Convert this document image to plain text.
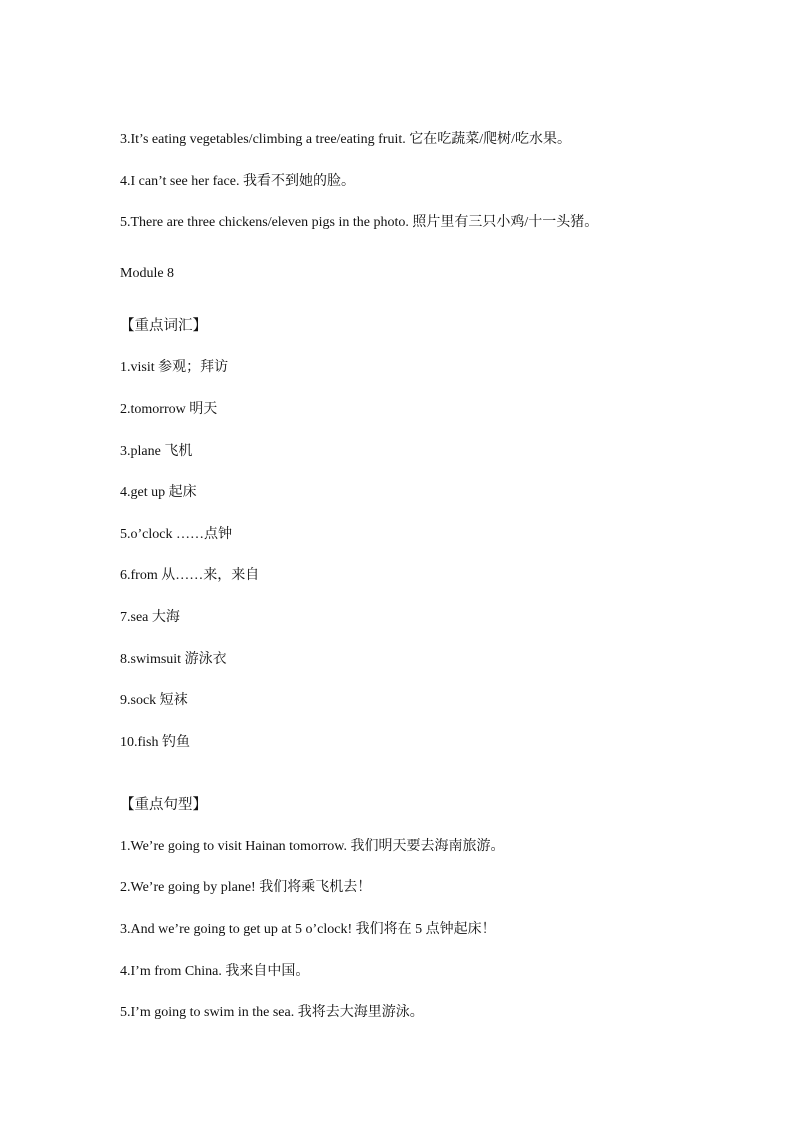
3.It’s eating vegetables/climbing a tree/eating fruit. 它在吃蔬菜/爬树/吃水果。
4.I can’t see her face. 我看不到她的脸。
5.There are three chickens/eleven pigs in the photo. 照片里有三只小鸡/十一头猪。
Module 8
【重点词汇】
1.visit 参观；拜访
2.tomorrow 明天
3.plane 飞机
4.get up 起床
5.o’clock ……点钟
6.from 从……来，来自
7.sea 大海
8.swimsuit 游泳衣
9.sock 短袜
10.fish 钓鱼
【重点句型】
1.We’re going to visit Hainan tomorrow. 我们明天要去海南旅游。
2.We’re going by plane! 我们将乘飞机去！
3.And we’re going to get up at 5 o’clock! 我们将在 5 点钟起床！
4.I’m from China. 我来自中国。
5.I’m going to swim in the sea. 我将去大海里游泳。
